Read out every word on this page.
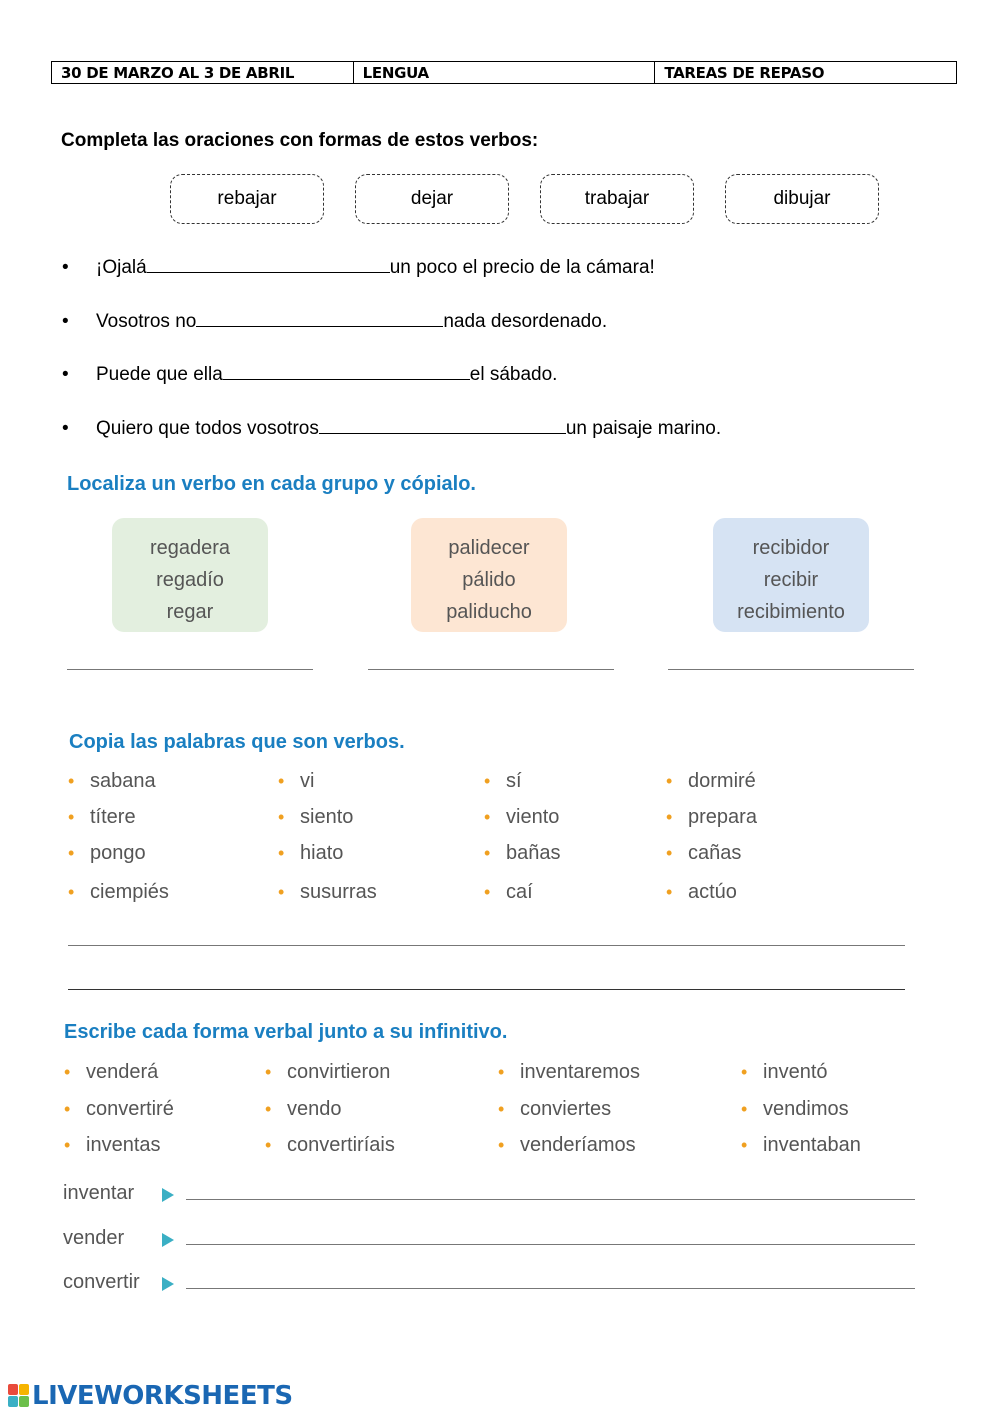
30 DE MARZO AL 3 DE ABRIL	LENGUA	TAREAS DE REPASO
Completa las oraciones con formas de estos verbos:
rebajar	dejar	trabajar	dibujar
• ¡Ojalá	un poco el precio de la cámara!
• Vosotros no	nada desordenado.
• Puede que ella	el sábado.
• Quiero que todos vosotros	un paisaje marino.
Localiza un verbo en cada grupo y cópialo.
regadera
regadío
regar
palidecer
pálido
paliducho
recibidor
recibir
recibimiento
Copia las palabras que son verbos.
• sabana
• títere
• pongo
• ciempiés
• vi
• siento
• hiato
• susurras
• sí
• viento
• bañas
• caí
• dormiré
• prepara
• cañas
• actúo
Escribe cada forma verbal junto a su infinitivo.
• venderá
• convertiré
• inventas
• convirtieron
• vendo
• convertiríais
• inventaremos
• conviertes
• venderíamos
• inventó
• vendimos
• inventaban
inventar
vender
convertir
LIVEWORKSHEETS
